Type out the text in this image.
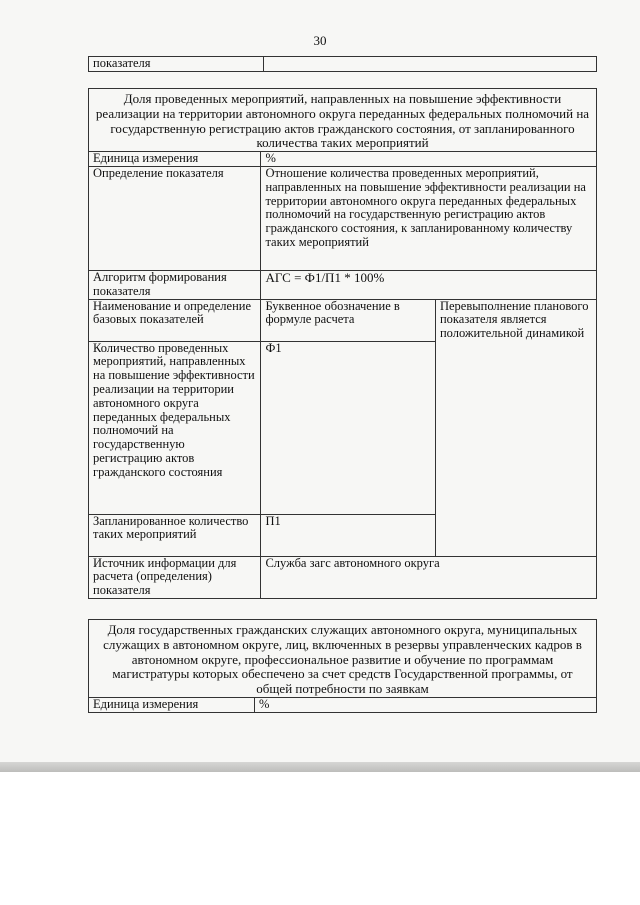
30
показателя	
Доля проведенных мероприятий, направленных на повышение эффективности реализации на территории автономного округа переданных федеральных полномочий на государственную регистрацию актов гражданского состояния, от запланированного количества таких мероприятий		
Единица измерения	%	
Определение показателя	Отношение количества проведенных мероприятий, направленных на повышение эффективности реализации на территории автономного округа переданных федеральных полномочий на государственную регистрацию актов гражданского состояния, к запланированному количеству таких мероприятий	
Алгоритм формирования показателя	АГС = Ф1/П1 * 100%	
Наименование и определение базовых показателей	Буквенное обозначение в формуле расчета	Перевыполнение планового показателя является положительной динамикой
Количество проведенных мероприятий, направленных на повышение эффективности реализации на территории автономного округа переданных федеральных полномочий на государственную регистрацию актов гражданского состояния	Ф1	
Запланированное количество таких мероприятий	П1	
Источник информации для расчета (определения) показателя	Служба загс автономного округа	
Доля государственных гражданских служащих автономного округа, муниципальных служащих в автономном округе, лиц, включенных в резервы управленческих кадров в автономном округе, профессиональное развитие и обучение по программам магистратуры которых обеспечено за счет средств Государственной программы, от общей потребности по заявкам
Единица измерения	%
